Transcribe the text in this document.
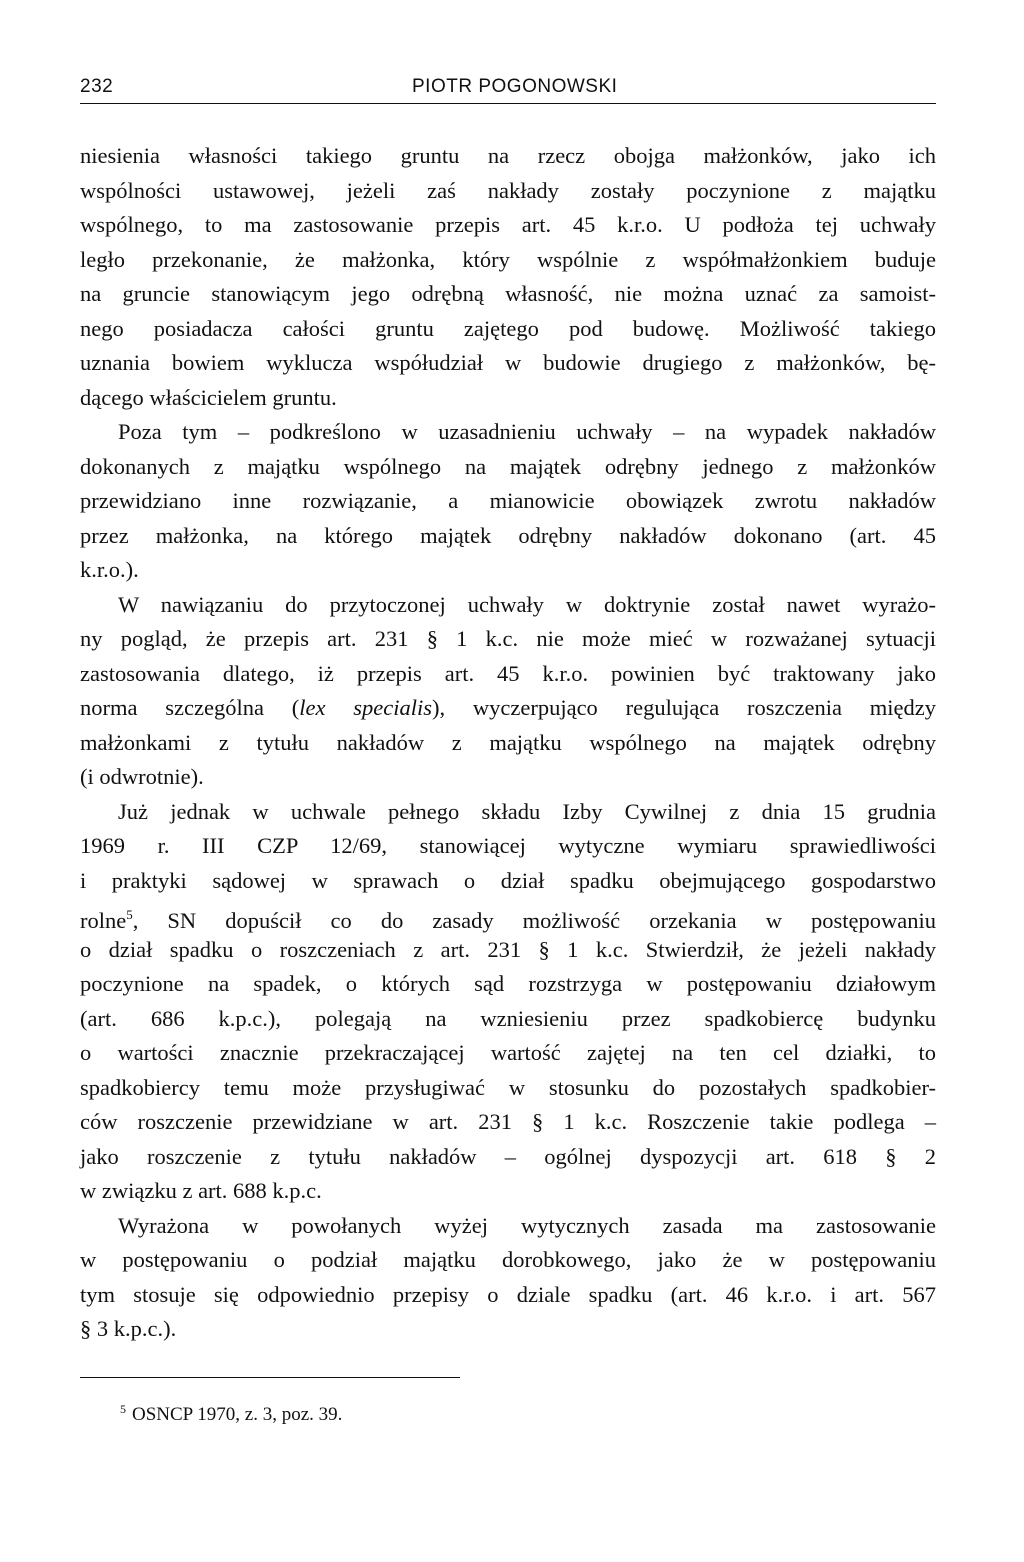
232	PIOTR POGONOWSKI
niesienia własności takiego gruntu na rzecz obojga małżonków, jako ich
wspólności ustawowej, jeżeli zaś nakłady zostały poczynione z majątku
wspólnego, to ma zastosowanie przepis art. 45 k.r.o. U podłoża tej uchwały
legło przekonanie, że małżonka, który wspólnie z współmałżonkiem buduje
na gruncie stanowiącym jego odrębną własność, nie można uznać za samoist-
nego posiadacza całości gruntu zajętego pod budowę. Możliwość takiego
uznania bowiem wyklucza współudział w budowie drugiego z małżonków, bę-
dącego właścicielem gruntu.
Poza tym – podkreślono w uzasadnieniu uchwały – na wypadek nakładów
dokonanych z majątku wspólnego na majątek odrębny jednego z małżonków
przewidziano inne rozwiązanie, a mianowicie obowiązek zwrotu nakładów
przez małżonka, na którego majątek odrębny nakładów dokonano (art. 45
k.r.o.).
W nawiązaniu do przytoczonej uchwały w doktrynie został nawet wyrażo-
ny pogląd, że przepis art. 231 § 1 k.c. nie może mieć w rozważanej sytuacji
zastosowania dlatego, iż przepis art. 45 k.r.o. powinien być traktowany jako
norma szczególna (lex specialis), wyczerpująco regulująca roszczenia między
małżonkami z tytułu nakładów z majątku wspólnego na majątek odrębny
(i odwrotnie).
Już jednak w uchwale pełnego składu Izby Cywilnej z dnia 15 grudnia
1969 r. III CZP 12/69, stanowiącej wytyczne wymiaru sprawiedliwości
i praktyki sądowej w sprawach o dział spadku obejmującego gospodarstwo
rolne$^5$, SN dopuścił co do zasady możliwość orzekania w postępowaniu
o dział spadku o roszczeniach z art. 231 § 1 k.c. Stwierdził, że jeżeli nakłady
poczynione na spadek, o których sąd rozstrzyga w postępowaniu działowym
(art. 686 k.p.c.), polegają na wzniesieniu przez spadkobiercę budynku
o wartości znacznie przekraczającej wartość zajętej na ten cel działki, to
spadkobiercy temu może przysługiwać w stosunku do pozostałych spadkobier-
ców roszczenie przewidziane w art. 231 § 1 k.c. Roszczenie takie podlega –
jako roszczenie z tytułu nakładów – ogólnej dyspozycji art. 618 § 2
w związku z art. 688 k.p.c.
Wyrażona w powołanych wyżej wytycznych zasada ma zastosowanie
w postępowaniu o podział majątku dorobkowego, jako że w postępowaniu
tym stosuje się odpowiednio przepisy o dziale spadku (art. 46 k.r.o. i art. 567
§ 3 k.p.c.).
$^5$ OSNCP 1970, z. 3, poz. 39.
